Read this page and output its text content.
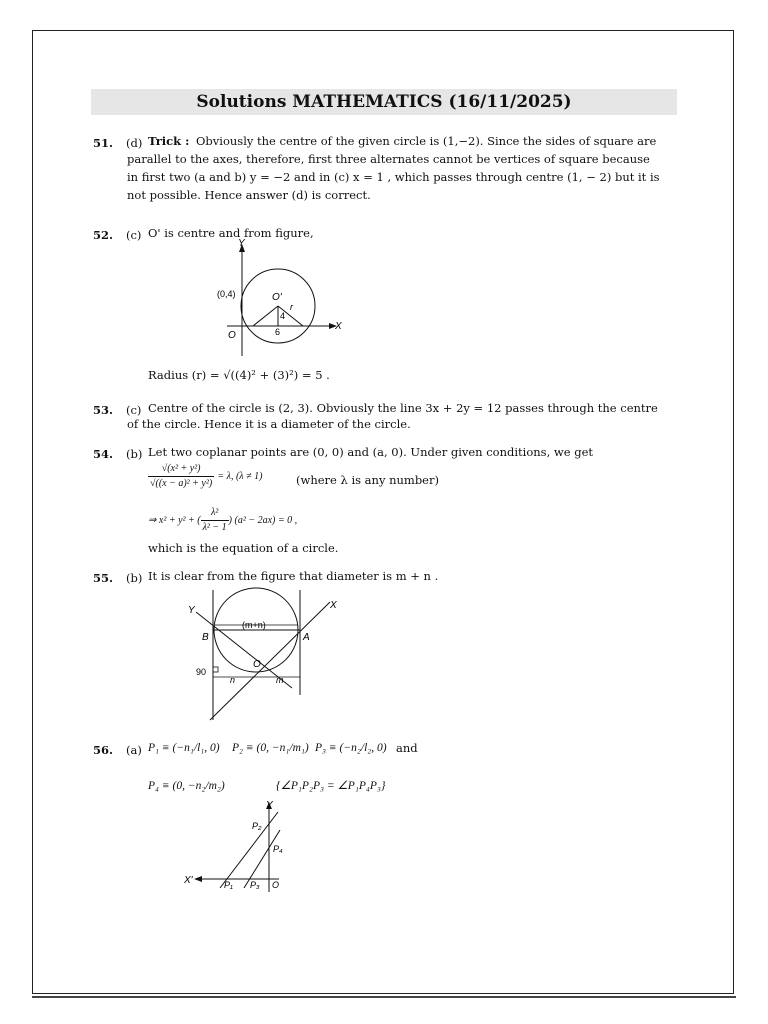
Solutions MATHEMATICS (16/11/2025)
51. (d) Trick : Obviously the centre of the given circle is (1,−2). Since the sides of square are
parallel to the axes, therefore, first three alternates cannot be vertices of square because
in first two (a and b) y = −2 and in (c) x = 1 , which passes through centre (1, − 2) but it is
not possible. Hence answer (d) is correct.
52. (c) O' is centre and from figure,
Y
X
O
O'
(0,4)
r
4
6
Radius (r) = √((4)² + (3)²) = 5 .
53. (c) Centre of the circle is (2, 3). Obviously the line 3x + 2y = 12 passes through the centre
of the circle. Hence it is a diameter of the circle.
54. (b) Let two coplanar points are (0, 0) and (a, 0). Under given conditions, we get
$\frac{\text{√(x² + y²)}}{\text{√((x − a)² + y²)}} = \lambda$, (λ ≠ 1)	(where λ is any number)
⇒ x² + y² + ( $\frac{\text{λ²}}{\text{λ² − 1}}$ ) (a² − 2ax) = 0 ,
which is the equation of a circle.
55. (b) It is clear from the figure that diameter is m + n .
Y	X
B	A
O
(m+n)
n	m
90
56. (a) P₁ ≡ (−n₁/l₁, 0) P₂ ≡ (0, −n₁/m₁) P₃ ≡ (−n₂/l₂, 0) and
P₄ ≡ (0, −n₂/m₂)	{∠P₁P₂P₃ = ∠P₁P₄P₃}
Y
X'	O
P₁
P₂
P₃
P₄
